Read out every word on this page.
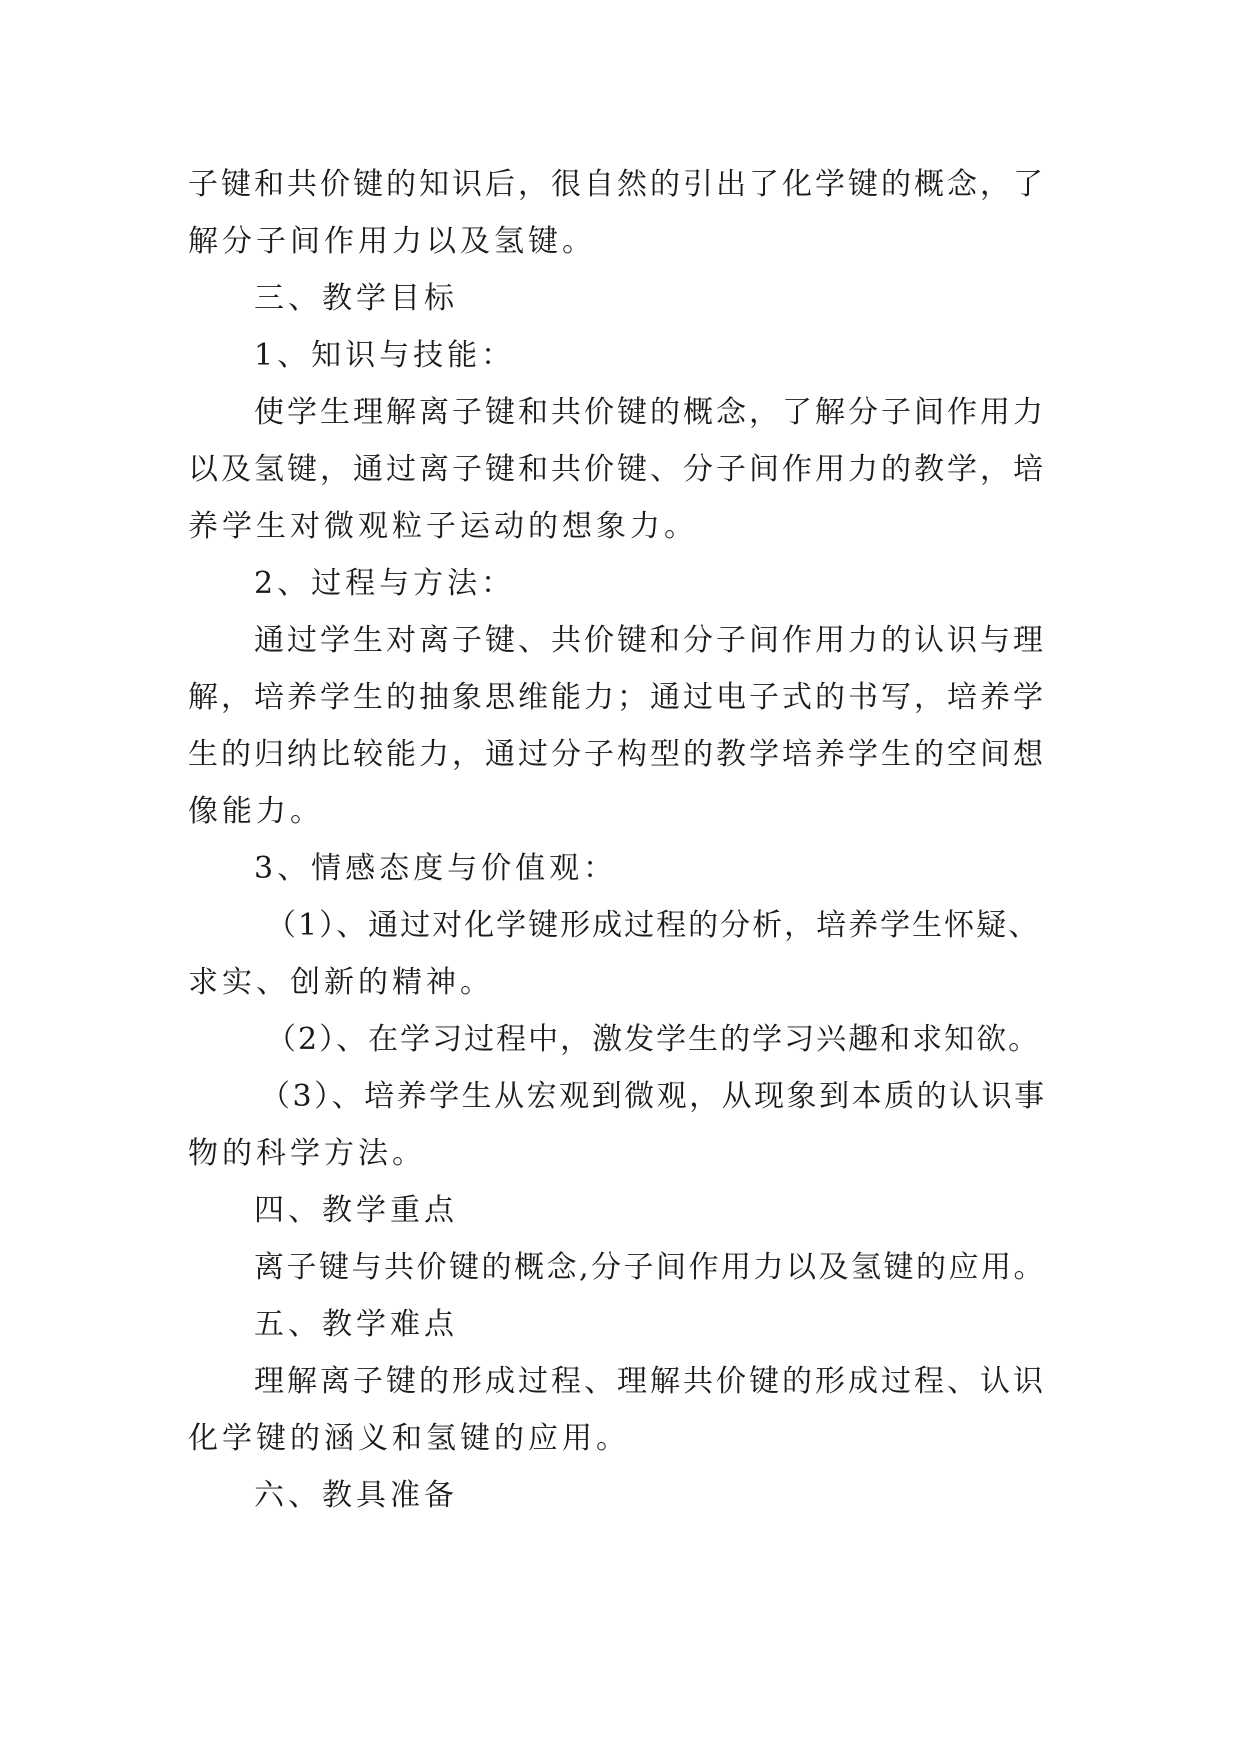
子键和共价键的知识后，很自然的引出了化学键的概念，了
解分子间作用力以及氢键。
三、教学目标
1、知识与技能：
使学生理解离子键和共价键的概念，了解分子间作用力
以及氢键，通过离子键和共价键、分子间作用力的教学，培
养学生对微观粒子运动的想象力。
2、过程与方法：
通过学生对离子键、共价键和分子间作用力的认识与理
解，培养学生的抽象思维能力；通过电子式的书写，培养学
生的归纳比较能力，通过分子构型的教学培养学生的空间想
像能力。
3、情感态度与价值观：
（1）、通过对化学键形成过程的分析，培养学生怀疑、
求实、创新的精神。
（2）、在学习过程中，激发学生的学习兴趣和求知欲。
（3）、培养学生从宏观到微观，从现象到本质的认识事
物的科学方法。
四、教学重点
离子键与共价键的概念,分子间作用力以及氢键的应用。
五、教学难点
理解离子键的形成过程、理解共价键的形成过程、认识
化学键的涵义和氢键的应用。
六、教具准备
